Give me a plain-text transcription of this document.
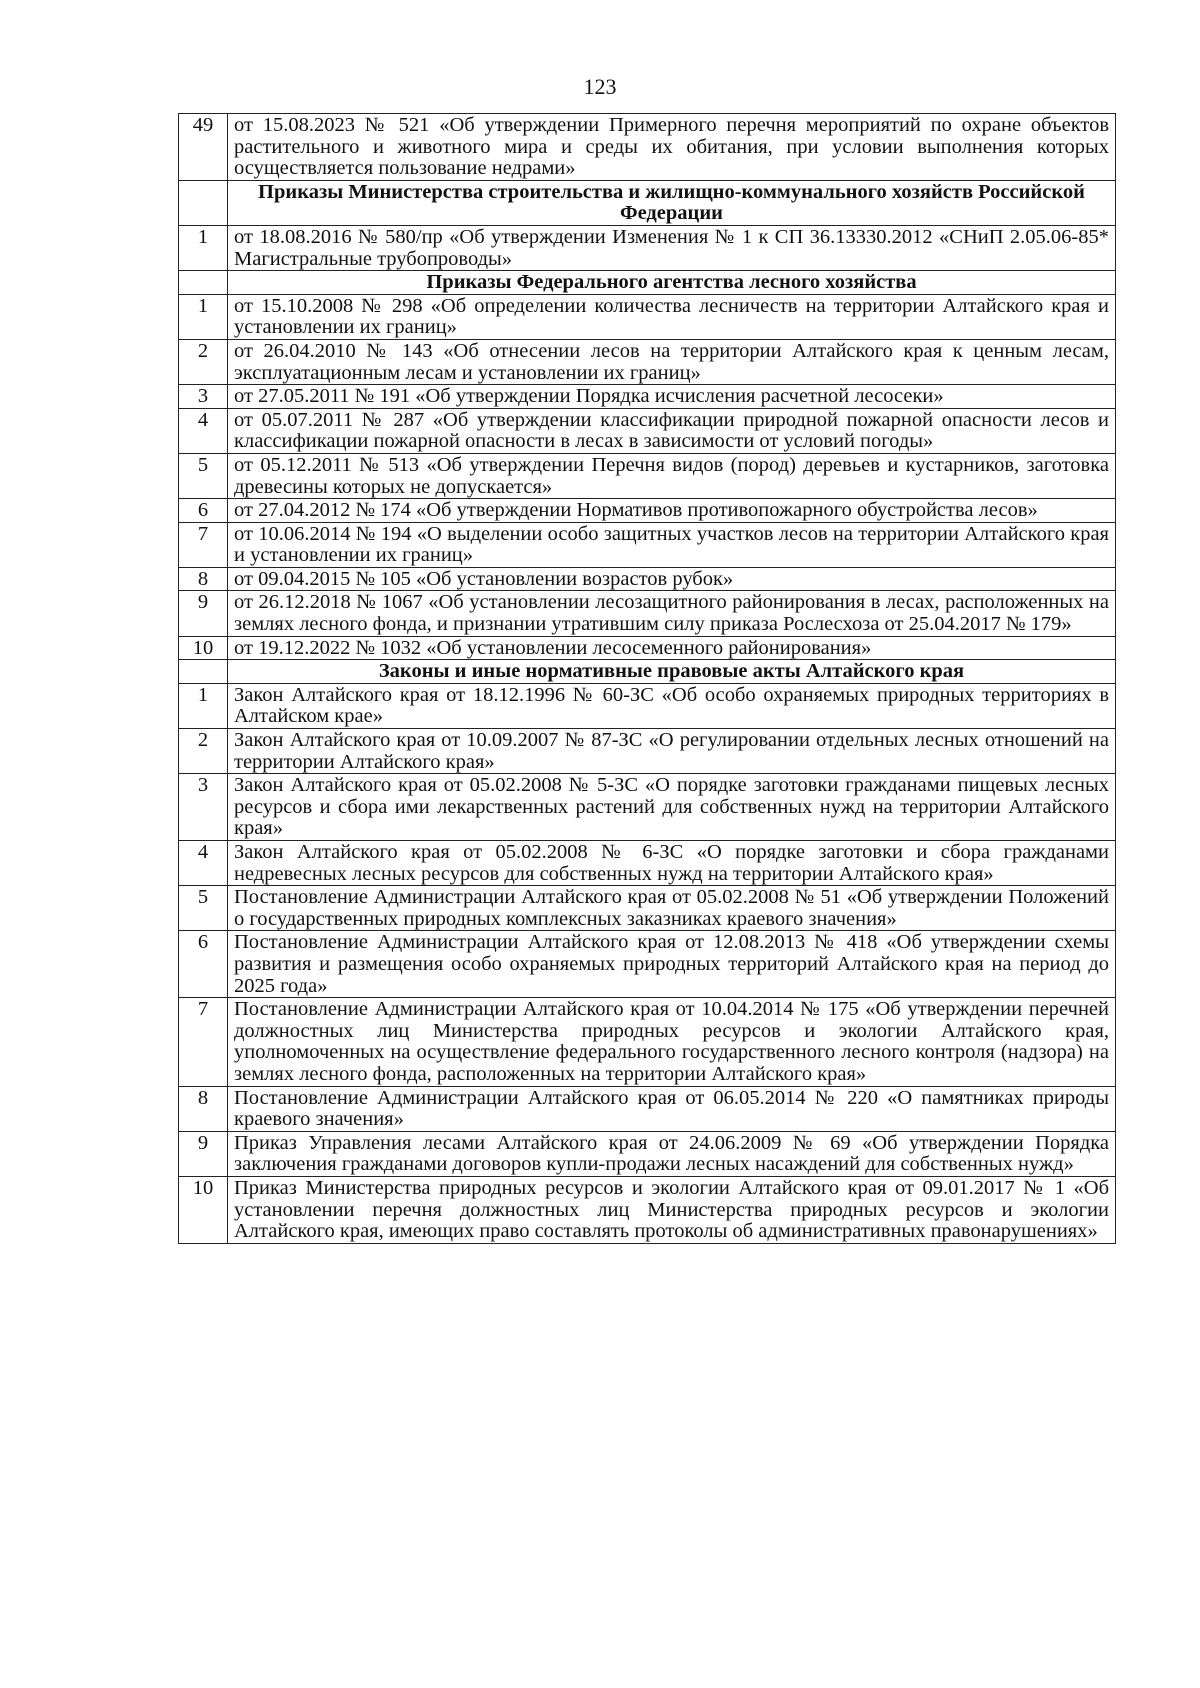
123
49	от 15.08.2023 № 521 «Об утверждении Примерного перечня мероприятий по охране объектов растительного и животного мира и среды их обитания, при условии выполнения которых осуществляется пользование недрами»
	Приказы Министерства строительства и жилищно-коммунального хозяйств Российской Федерации
1	от 18.08.2016 № 580/пр «Об утверждении Изменения № 1 к СП 36.13330.2012 «СНиП 2.05.06-85* Магистральные трубопроводы»
	Приказы Федерального агентства лесного хозяйства
1	от 15.10.2008 № 298 «Об определении количества лесничеств на территории Алтайского края и установлении их границ»
2	от 26.04.2010 № 143 «Об отнесении лесов на территории Алтайского края к ценным лесам, эксплуатационным лесам и установлении их границ»
3	от 27.05.2011 № 191 «Об утверждении Порядка исчисления расчетной лесосеки»
4	от 05.07.2011 № 287 «Об утверждении классификации природной пожарной опасности лесов и классификации пожарной опасности в лесах в зависимости от условий погоды»
5	от 05.12.2011 № 513 «Об утверждении Перечня видов (пород) деревьев и кустарников, заготовка древесины которых не допускается»
6	от 27.04.2012 № 174 «Об утверждении Нормативов противопожарного обустройства лесов»
7	от 10.06.2014 № 194 «О выделении особо защитных участков лесов на территории Алтайского края и установлении их границ»
8	от 09.04.2015 № 105 «Об установлении возрастов рубок»
9	от 26.12.2018 № 1067 «Об установлении лесозащитного районирования в лесах, расположенных на землях лесного фонда, и признании утратившим силу приказа Рослесхоза от 25.04.2017 № 179»
10	от 19.12.2022 № 1032 «Об установлении лесосеменного районирования»
	Законы и иные нормативные правовые акты Алтайского края
1	Закон Алтайского края от 18.12.1996 № 60-ЗС «Об особо охраняемых природных территориях в Алтайском крае»
2	Закон Алтайского края от 10.09.2007 № 87-ЗС «О регулировании отдельных лесных отношений на территории Алтайского края»
3	Закон Алтайского края от 05.02.2008 № 5-ЗС «О порядке заготовки гражданами пищевых лесных ресурсов и сбора ими лекарственных растений для собственных нужд на территории Алтайского края»
4	Закон Алтайского края от 05.02.2008 № 6-ЗС «О порядке заготовки и сбора гражданами недревесных лесных ресурсов для собственных нужд на территории Алтайского края»
5	Постановление Администрации Алтайского края от 05.02.2008 № 51 «Об утверждении Положений о государственных природных комплексных заказниках краевого значения»
6	Постановление Администрации Алтайского края от 12.08.2013 № 418 «Об утверждении схемы развития и размещения особо охраняемых природных территорий Алтайского края на период до 2025 года»
7	Постановление Администрации Алтайского края от 10.04.2014 № 175 «Об утверждении перечней должностных лиц Министерства природных ресурсов и экологии Алтайского края, уполномоченных на осуществление федерального государственного лесного контроля (надзора) на землях лесного фонда, расположенных на территории Алтайского края»
8	Постановление Администрации Алтайского края от 06.05.2014 № 220 «О памятниках природы краевого значения»
9	Приказ Управления лесами Алтайского края от 24.06.2009 № 69 «Об утверждении Порядка заключения гражданами договоров купли-продажи лесных насаждений для собственных нужд»
10	Приказ Министерства природных ресурсов и экологии Алтайского края от 09.01.2017 № 1 «Об установлении перечня должностных лиц Министерства природных ресурсов и экологии Алтайского края, имеющих право составлять протоколы об административных правонарушениях»
